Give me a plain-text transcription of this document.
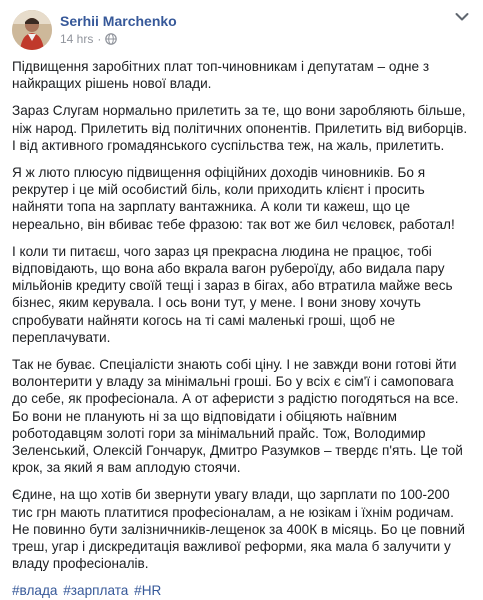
Serhii Marchenko
14 hrs ·

Підвищення заробітних плат топ-чиновникам і депутатам – одне з найкращих рішень нової влади.

Зараз Слугам нормально прилетить за те, що вони заробляють більше, ніж народ. Прилетить від політичних опонентів. Прилетить від виборців. І від активного громадянського суспільства теж, на жаль, прилетить.

Я ж люто плюсую підвищення офіційних доходів чиновників. Бо я рекрутер і це мій особистий біль, коли приходить клієнт і просить найняти топа на зарплату вантажника. А коли ти кажеш, що це нереально, він вбиває тебе фразою: так вот же бил чєловєк, работал!

І коли ти питаєш, чого зараз ця прекрасна людина не працює, тобі відповідають, що вона або вкрала вагон рубероїду, або видала пару мільйонів кредиту своїй тещі і зараз в бігах, або втратила майже весь бізнес, яким керувала. І ось вони тут, у мене. І вони знову хочуть спробувати найняти когось на ті самі маленькі гроші, щоб не переплачувати.

Так не буває. Спеціалісти знають собі ціну. І не завжди вони готові йти волонтерити у владу за мінімальні гроші. Бо у всіх є сім'ї і самоповага до себе, як професіонала. А от аферисти з радістю погодяться на все. Бо вони не планують ні за що відповідати і обіцяють наївним роботодавцям золоті гори за мінімальний прайс. Тож, Володимир Зеленський, Олексій Гончарук, Дмитро Разумков – твердє п'ять. Це той крок, за який я вам аплодую стоячи.

Єдине, на що хотів би звернути увагу влади, що зарплати по 100-200 тис грн мають платитися професіоналам, а не юзікам і їхнім родичам. Не повинно бути залізничників-лещенок за 400К в місяць. Бо це повний треш, угар і дискредитація важливої реформи, яка мала б залучити у владу професіоналів.

#влада #зарплата #HR
